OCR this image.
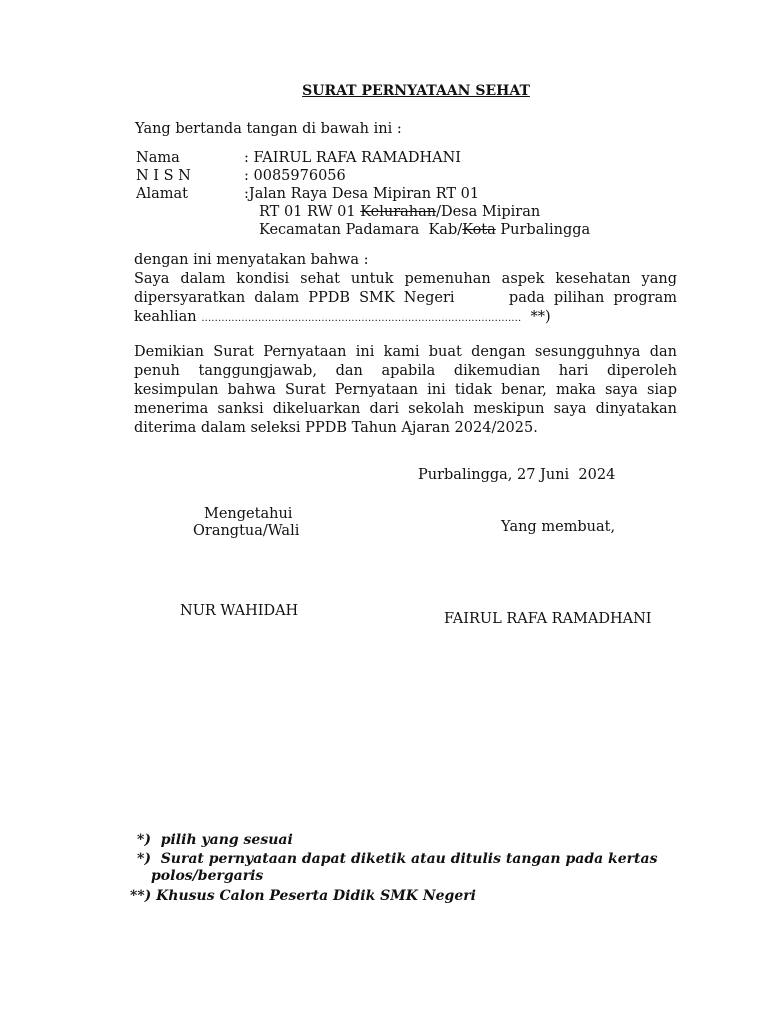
SURAT PERNYATAAN SEHAT
Yang bertanda tangan di bawah ini :
Nama	: FAIRUL RAFA RAMADHANI
N I S N	: 0085976056
Alamat	:Jalan Raya Desa Mipiran RT 01
RT 01 RW 01 Kelurahan/Desa Mipiran
Kecamatan Padamara  Kab/Kota Purbalingga
dengan ini menyatakan bahwa :
Saya dalam kondisi sehat untuk pemenuhan aspek kesehatan yang
dipersyaratkan dalam PPDB SMK Negeri      pada pilihan program
keahlian …………………………………………………………………………………… **)
Demikian Surat Pernyataan ini kami buat dengan sesungguhnya dan
penuh tanggungjawab, dan apabila dikemudian hari diperoleh
kesimpulan bahwa Surat Pernyataan ini tidak benar, maka saya siap
menerima sanksi dikeluarkan dari sekolah meskipun saya dinyatakan
diterima dalam seleksi PPDB Tahun Ajaran 2024/2025.
Purbalingga, 27 Juni  2024
Mengetahui
Orangtua/Wali	Yang membuat,
NUR WAHIDAH	FAIRUL RAFA RAMADHANI
*)  pilih yang sesuai
*)  Surat pernyataan dapat diketik atau ditulis tangan pada kertas
polos/bergaris
**) Khusus Calon Peserta Didik SMK Negeri
